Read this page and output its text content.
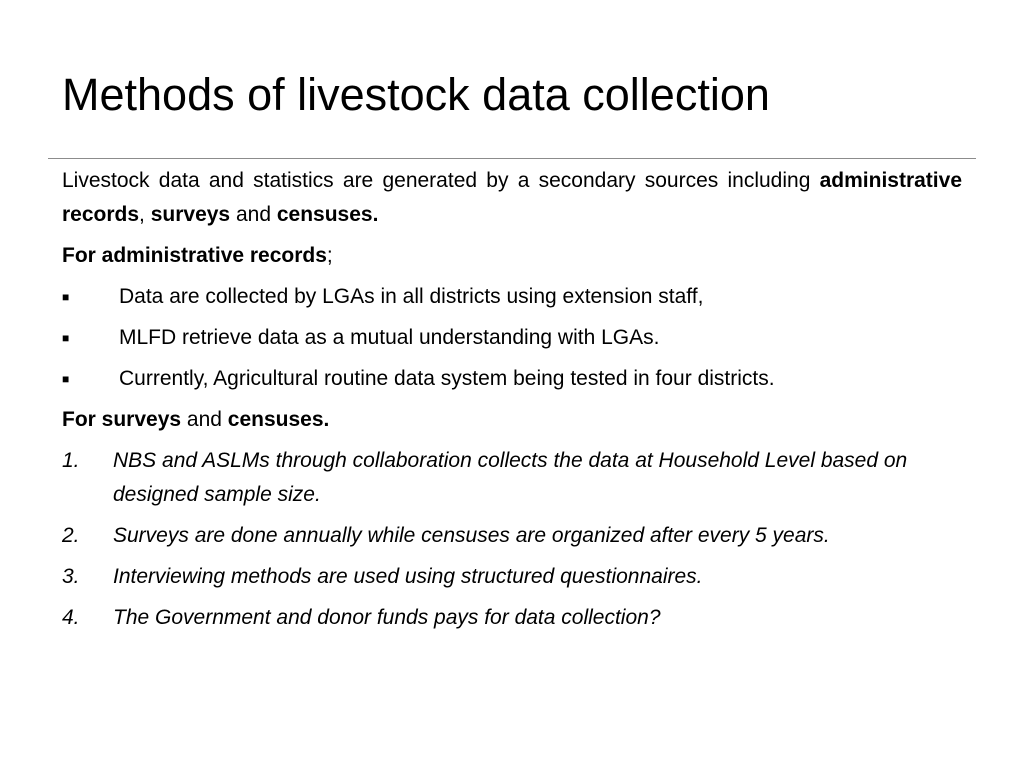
Methods of livestock data collection

Livestock data and statistics are generated by a secondary sources including administrative records, surveys and censuses.

For administrative records;

■	Data are collected by LGAs in all districts using extension staff,
■	MLFD retrieve data as a mutual understanding with LGAs.
■	Currently, Agricultural routine data system being tested in four districts.

For surveys and censuses.

1.	NBS and ASLMs through collaboration collects the data at Household Level based on designed sample size.
2.	Surveys are done annually while censuses are organized after every 5 years.
3.	Interviewing methods are used using structured questionnaires.
4.	The Government and donor funds pays for data collection?
